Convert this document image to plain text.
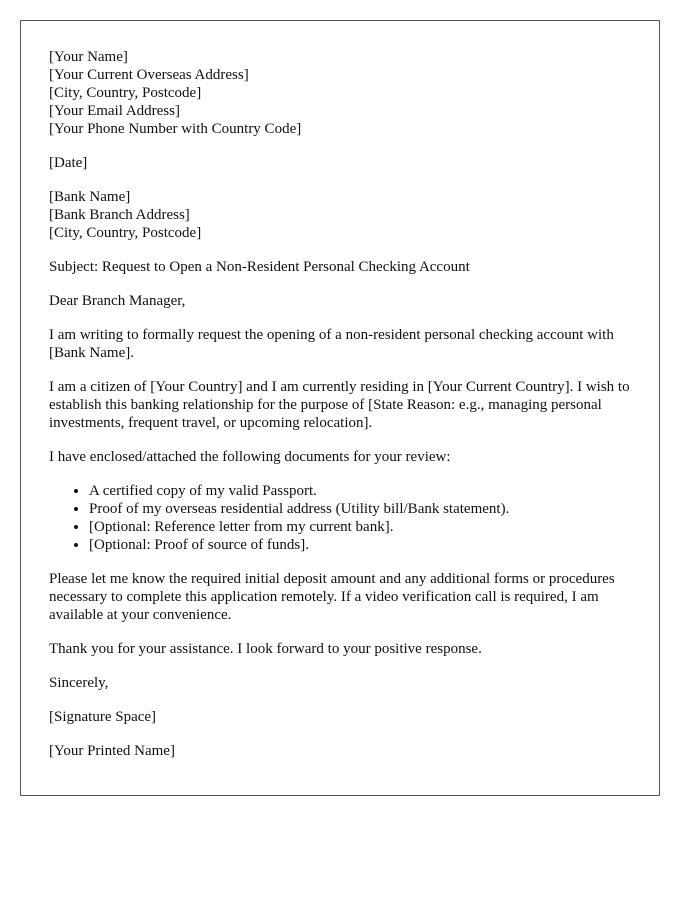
[Your Name]
[Your Current Overseas Address]
[City, Country, Postcode]
[Your Email Address]
[Your Phone Number with Country Code]

[Date]

[Bank Name]
[Bank Branch Address]
[City, Country, Postcode]

Subject: Request to Open a Non-Resident Personal Checking Account

Dear Branch Manager,

I am writing to formally request the opening of a non-resident personal checking account with [Bank Name].

I am a citizen of [Your Country] and I am currently residing in [Your Current Country]. I wish to establish this banking relationship for the purpose of [State Reason: e.g., managing personal investments, frequent travel, or upcoming relocation].

I have enclosed/attached the following documents for your review:

• A certified copy of my valid Passport.
• Proof of my overseas residential address (Utility bill/Bank statement).
• [Optional: Reference letter from my current bank].
• [Optional: Proof of source of funds].

Please let me know the required initial deposit amount and any additional forms or procedures necessary to complete this application remotely. If a video verification call is required, I am available at your convenience.

Thank you for your assistance. I look forward to your positive response.

Sincerely,

[Signature Space]

[Your Printed Name]
